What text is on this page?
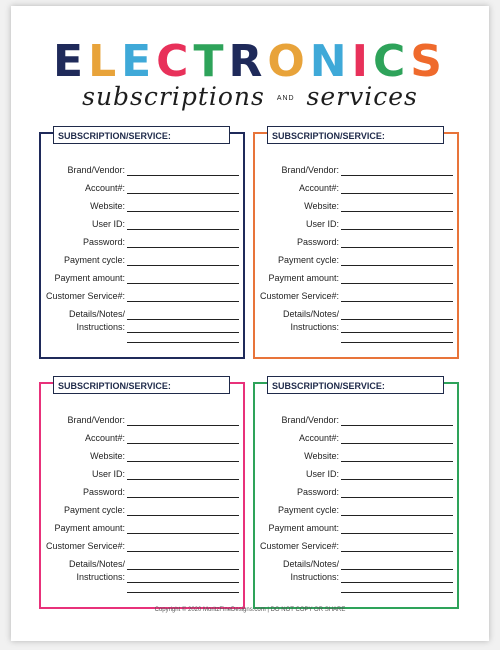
ELECTRONICS
subscriptions AND services
SUBSCRIPTION/SERVICE:
Brand/Vendor:
Account#:
Website:
User ID:
Password:
Payment cycle:
Payment amount:
Customer Service#:
Details/Notes/
Instructions:
SUBSCRIPTION/SERVICE:
Brand/Vendor:
Account#:
Website:
User ID:
Password:
Payment cycle:
Payment amount:
Customer Service#:
Details/Notes/
Instructions:
SUBSCRIPTION/SERVICE:
Brand/Vendor:
Account#:
Website:
User ID:
Password:
Payment cycle:
Payment amount:
Customer Service#:
Details/Notes/
Instructions:
SUBSCRIPTION/SERVICE:
Brand/Vendor:
Account#:
Website:
User ID:
Password:
Payment cycle:
Payment amount:
Customer Service#:
Details/Notes/
Instructions:
Copyright © 2020 MoritzFineDesigns.com | DO NOT COPY OR SHARE
